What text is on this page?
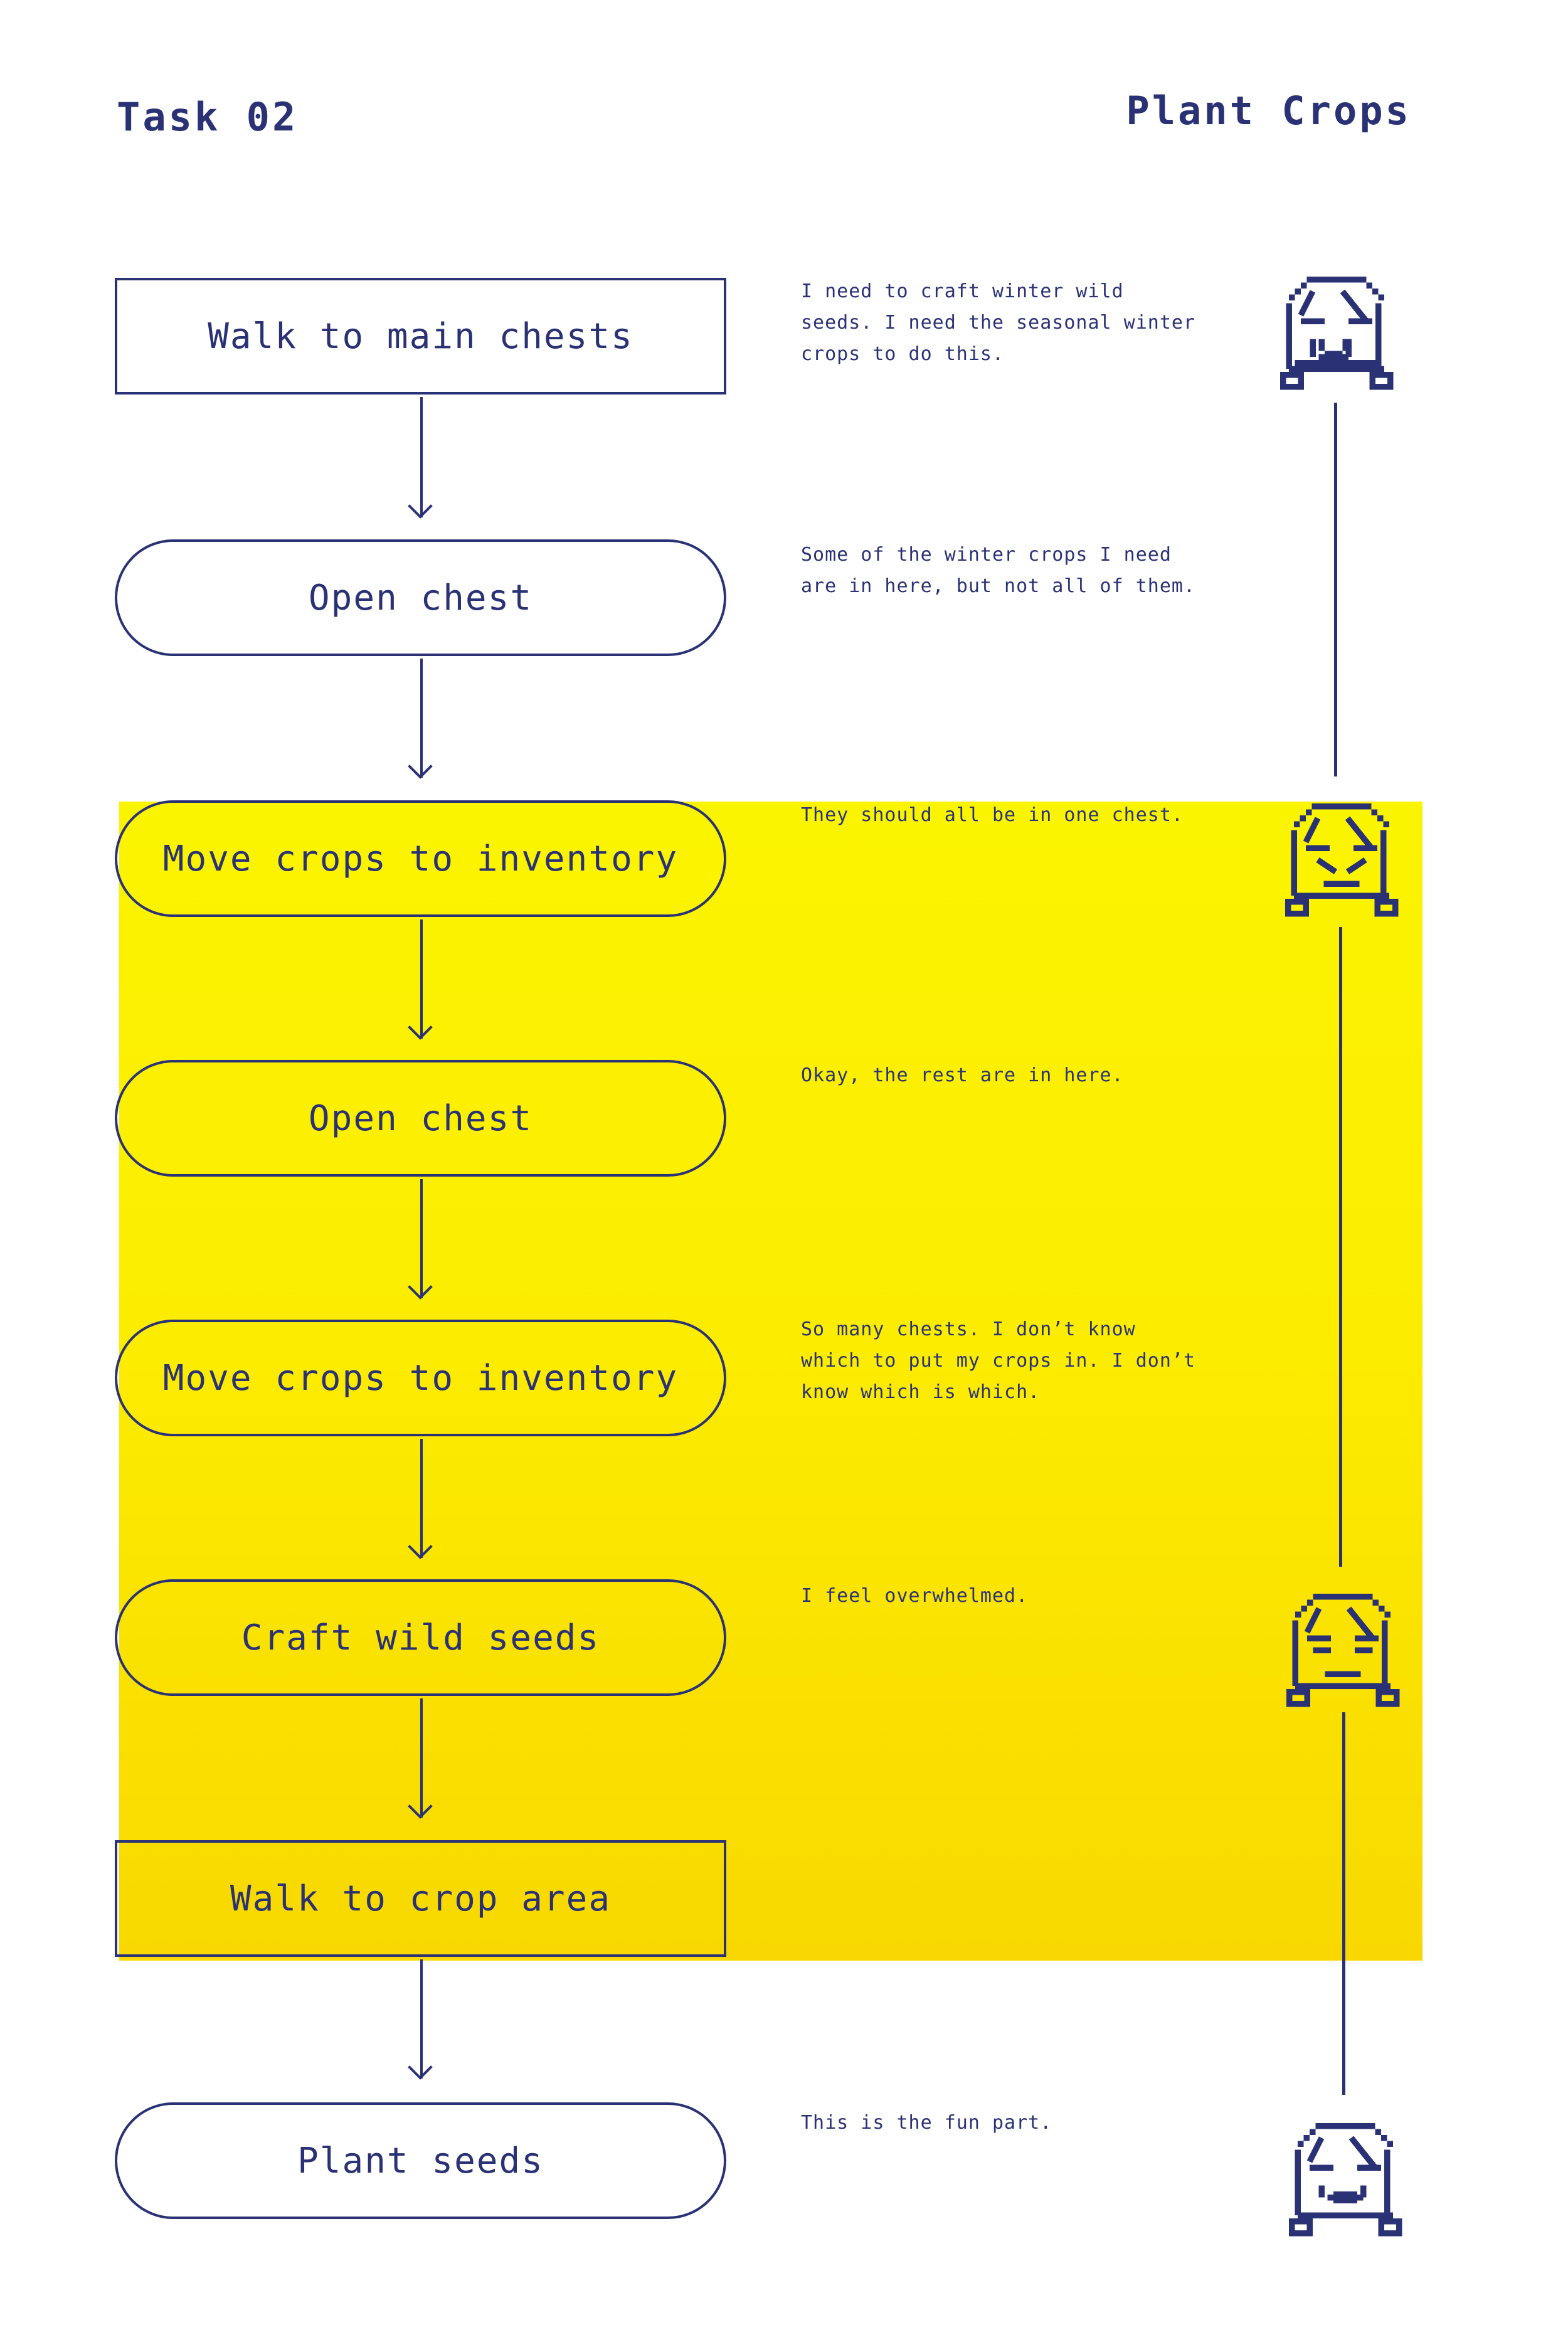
Task 02	Plant Crops
Walk to main chests
Open chest
Move crops to inventory
Open chest
Move crops to inventory
Craft wild seeds
Walk to crop area
Plant seeds
I need to craft winter wild seeds. I need the seasonal winter crops to do this.
Some of the winter crops I need are in here, but not all of them.
They should all be in one chest.
Okay, the rest are in here.
So many chests. I don’t know which to put my crops in. I don’t know which is which.
I feel overwhelmed.
This is the fun part.
